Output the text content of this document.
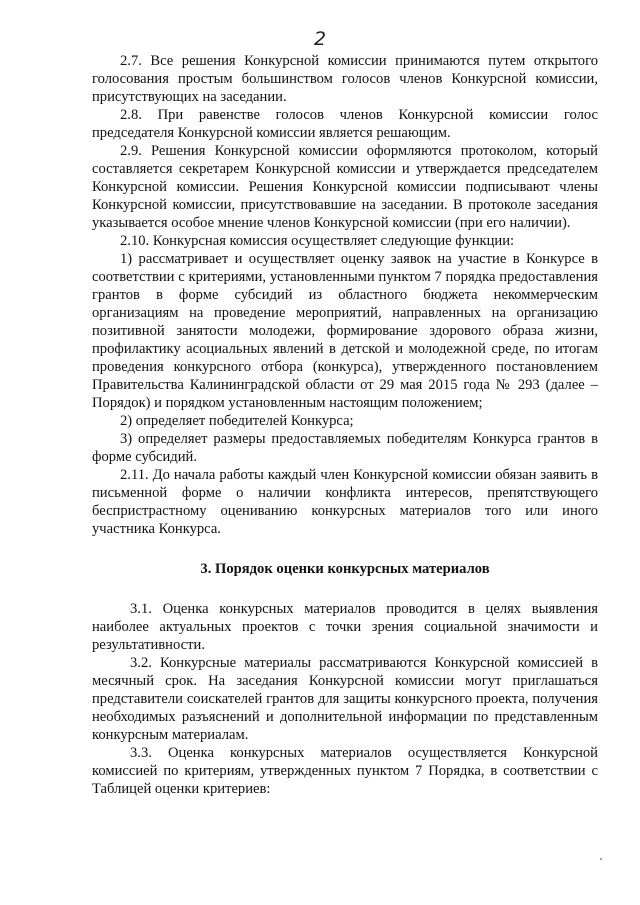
2

2.7. Все решения Конкурсной комиссии принимаются путем открытого голосования простым большинством голосов членов Конкурсной комиссии, присутствующих на заседании.

2.8. При равенстве голосов членов Конкурсной комиссии голос председателя Конкурсной комиссии является решающим.

2.9. Решения Конкурсной комиссии оформляются протоколом, который составляется секретарем Конкурсной комиссии и утверждается председателем Конкурсной комиссии. Решения Конкурсной комиссии подписывают члены Конкурсной комиссии, присутствовавшие на заседании. В протоколе заседания указывается особое мнение членов Конкурсной комиссии (при его наличии).

2.10. Конкурсная комиссия осуществляет следующие функции:

1) рассматривает и осуществляет оценку заявок на участие в Конкурсе в соответствии с критериями, установленными пунктом 7 порядка предоставления грантов в форме субсидий из областного бюджета некоммерческим организациям на проведение мероприятий, направленных на организацию позитивной занятости молодежи, формирование здорового образа жизни, профилактику асоциальных явлений в детской и молодежной среде, по итогам проведения конкурсного отбора (конкурса), утвержденного постановлением Правительства Калининградской области от 29 мая 2015 года № 293 (далее – Порядок) и порядком установленным настоящим положением;

2) определяет победителей Конкурса;

3) определяет размеры предоставляемых победителям Конкурса грантов в форме субсидий.

2.11. До начала работы каждый член Конкурсной комиссии обязан заявить в письменной форме о наличии конфликта интересов, препятствующего беспристрастному оцениванию конкурсных материалов того или иного участника Конкурса.

3. Порядок оценки конкурсных материалов

3.1. Оценка конкурсных материалов проводится в целях выявления наиболее актуальных проектов с точки зрения социальной значимости и результативности.

3.2. Конкурсные материалы рассматриваются Конкурсной комиссией в месячный срок. На заседания Конкурсной комиссии могут приглашаться представители соискателей грантов для защиты конкурсного проекта, получения необходимых разъяснений и дополнительной информации по представленным конкурсным материалам.

3.3. Оценка конкурсных материалов осуществляется Конкурсной комиссией по критериям, утвержденных пунктом 7 Порядка, в соответствии с Таблицей оценки критериев:
